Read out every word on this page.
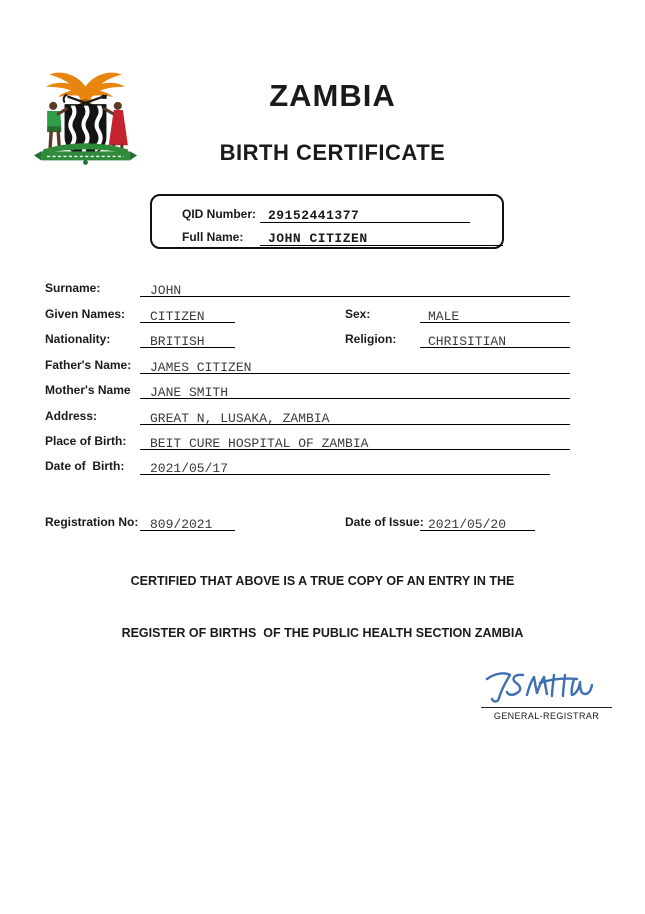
ZAMBIA
BIRTH CERTIFICATE
QID Number: 29152441377
Full Name:	JOHN CITIZEN
Surname:	JOHN
Given Names:	CITIZEN	Sex:	MALE
Nationality:	BRITISH	Religion:	CHRISITIAN
Father's Name:	JAMES CITIZEN
Mother's Name	JANE SMITH
Address:	GREAT N, LUSAKA, ZAMBIA
Place of Birth:	BEIT CURE HOSPITAL OF ZAMBIA
Date of  Birth:	2021/05/17
Registration No: 809/2021	Date of Issue: 2021/05/20
CERTIFIED THAT ABOVE IS A TRUE COPY OF AN ENTRY IN THE
REGISTER OF BIRTHS  OF THE PUBLIC HEALTH SECTION ZAMBIA
GENERAL-REGISTRAR
